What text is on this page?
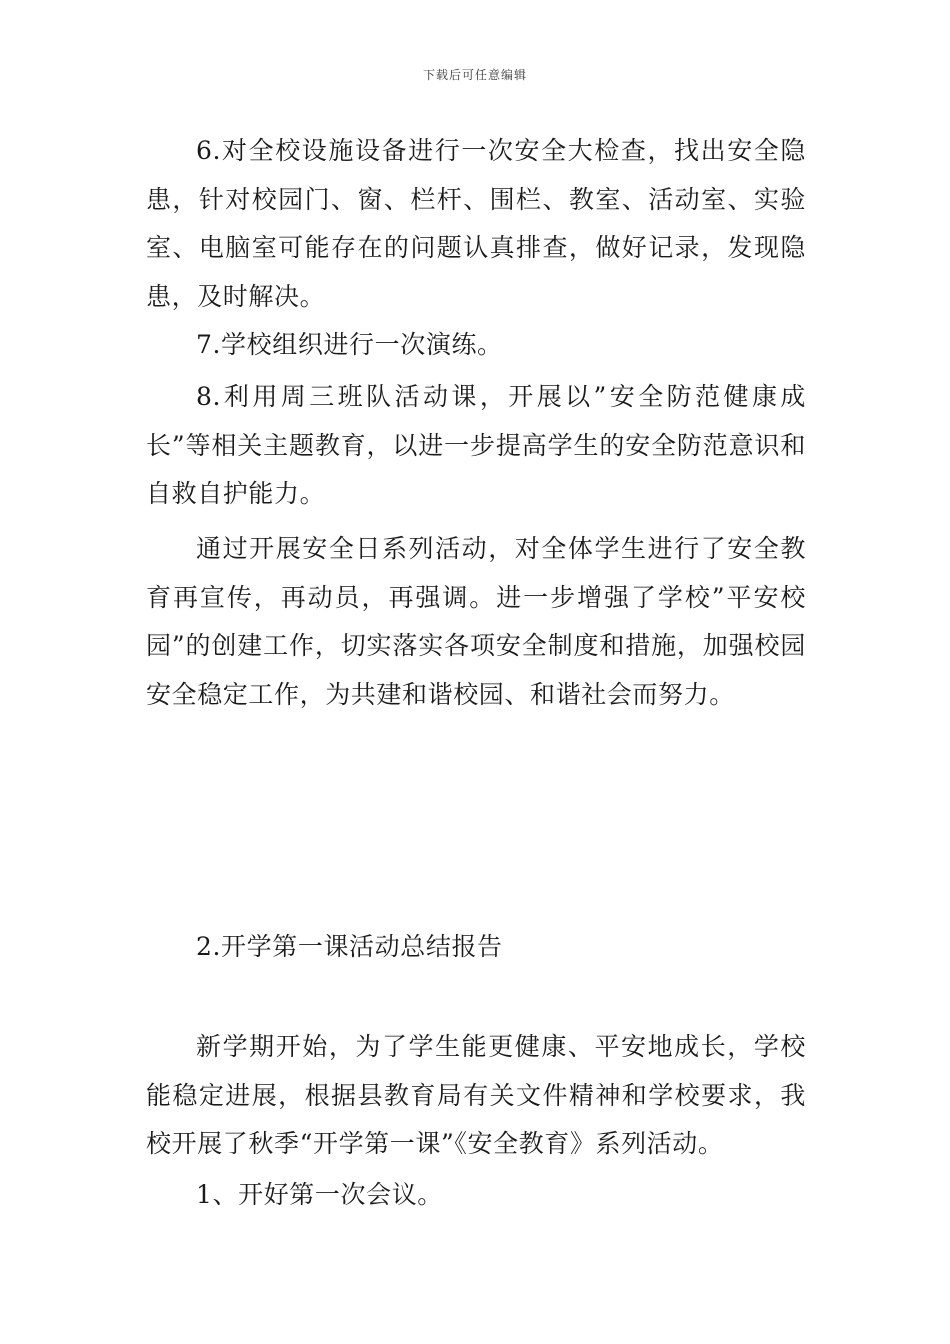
下载后可任意编辑

6.对全校设施设备进行一次安全大检查，找出安全隐患，针对校园门、窗、栏杆、围栏、教室、活动室、实验室、电脑室可能存在的问题认真排查，做好记录，发现隐患，及时解决。

7.学校组织进行一次演练。

8.利用周三班队活动课，开展以”安全防范健康成长”等相关主题教育，以进一步提高学生的安全防范意识和自救自护能力。

通过开展安全日系列活动，对全体学生进行了安全教育再宣传，再动员，再强调。进一步增强了学校”平安校园”的创建工作，切实落实各项安全制度和措施，加强校园安全稳定工作，为共建和谐校园、和谐社会而努力。

2.开学第一课活动总结报告

新学期开始，为了学生能更健康、平安地成长，学校能稳定进展，根据县教育局有关文件精神和学校要求，我校开展了秋季“开学第一课”《安全教育》系列活动。

1、开好第一次会议。
